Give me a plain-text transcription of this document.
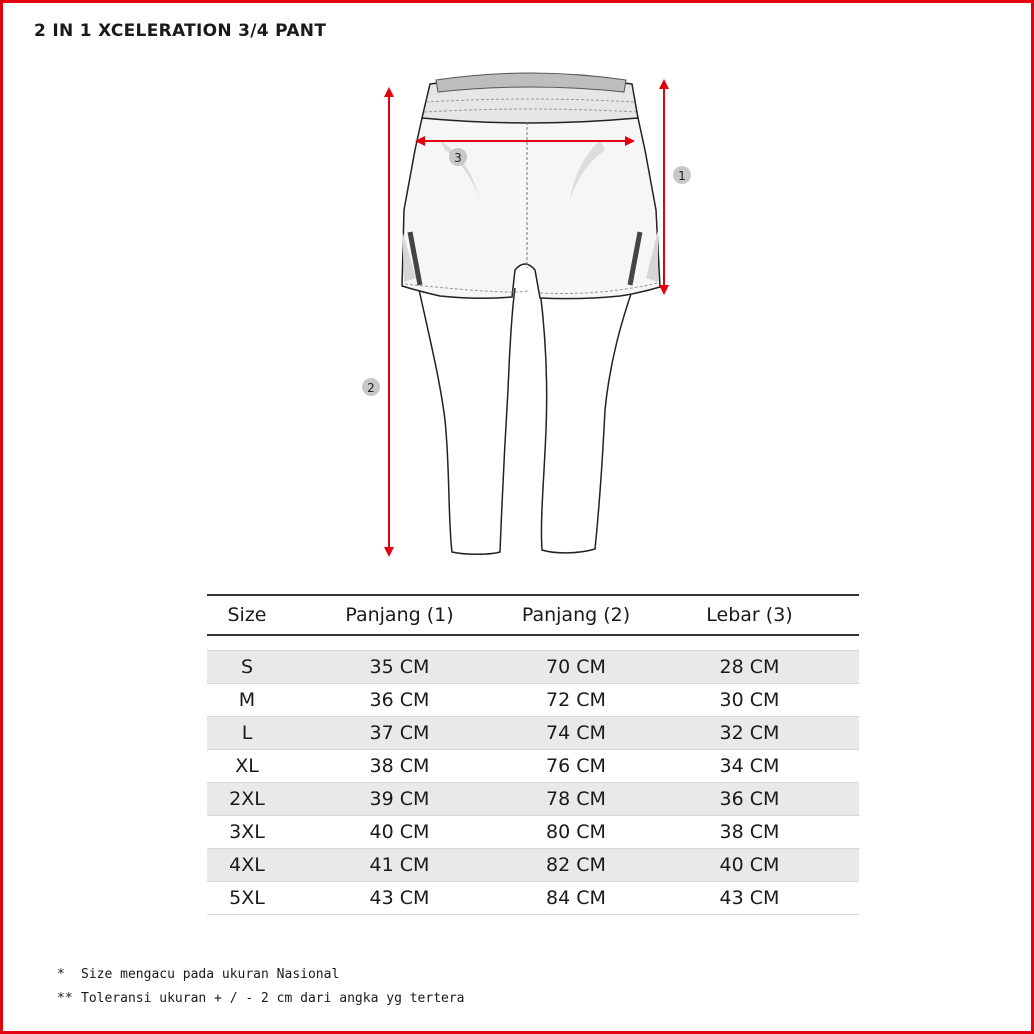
2 IN 1 XCELERATION 3/4 PANT
1
2
3
Size	Panjang (1)	Panjang (2)	Lebar (3)
S	35 CM	70 CM	28 CM
M	36 CM	72 CM	30 CM
L	37 CM	74 CM	32 CM
XL	38 CM	76 CM	34 CM
2XL	39 CM	78 CM	36 CM
3XL	40 CM	80 CM	38 CM
4XL	41 CM	82 CM	40 CM
5XL	43 CM	84 CM	43 CM
*	Size mengacu pada ukuran Nasional
** Toleransi ukuran + / - 2 cm dari angka yg tertera
